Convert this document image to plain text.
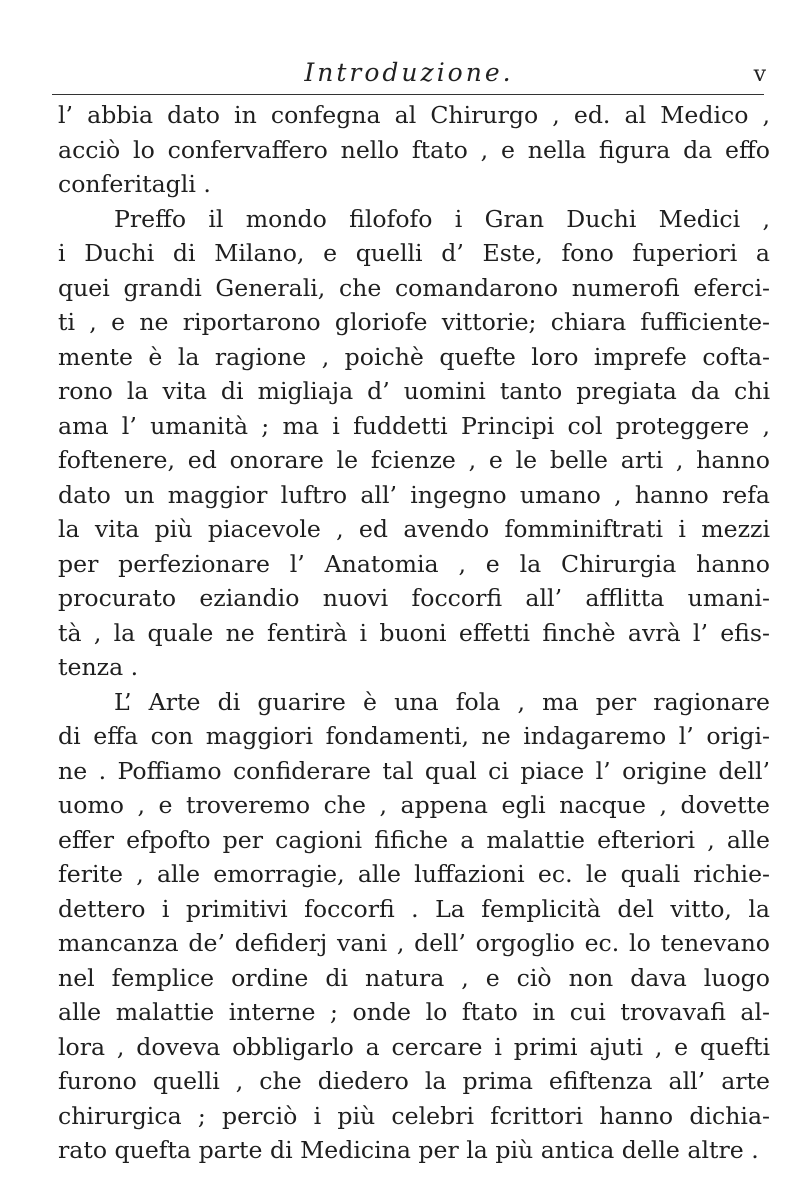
Introduzione.	v
l’ abbia dato in confegna al Chirurgo , ed. al Medico ,
acciò lo confervaffero nello ftato , e nella figura da effo
conferitagli .
Preffo il mondo filofofo i Gran Duchi Medici ,
i Duchi di Milano, e quelli d’ Este, fono fuperiori a
quei grandi Generali, che comandarono numerofi eferci-
ti , e ne riportarono gloriofe vittorie; chiara fufficiente-
mente è la ragione , poichè quefte loro imprefe cofta-
rono la vita di migliaja d’ uomini tanto pregiata da chi
ama l’ umanità ; ma i fuddetti Principi col proteggere ,
foftenere, ed onorare le fcienze , e le belle arti , hanno
dato un maggior luftro all’ ingegno umano , hanno refa
la vita più piacevole , ed avendo fomminiftrati i mezzi
per perfezionare l’ Anatomia , e la Chirurgia hanno
procurato eziandio nuovi foccorfi all’ afflitta umani-
tà , la quale ne fentirà i buoni effetti finchè avrà l’ efis-
tenza .
L’ Arte di guarire è una fola , ma per ragionare
di effa con maggiori fondamenti, ne indagaremo l’ origi-
ne . Poffiamo confiderare tal qual ci piace l’ origine dell’
uomo , e troveremo che , appena egli nacque , dovette
effer efpofto per cagioni fifiche a malattie efteriori , alle
ferite , alle emorragie, alle luffazioni ec. le quali richie-
dettero i primitivi foccorfi . La femplicità del vitto, la
mancanza de’ defiderj vani , dell’ orgoglio ec. lo tenevano
nel femplice ordine di natura , e ciò non dava luogo
alle malattie interne ; onde lo ftato in cui trovavafi al-
lora , doveva obbligarlo a cercare i primi ajuti , e quefti
furono quelli , che diedero la prima efiftenza all’ arte
chirurgica ; perciò i più celebri fcrittori hanno dichia-
rato quefta parte di Medicina per la più antica delle altre .
